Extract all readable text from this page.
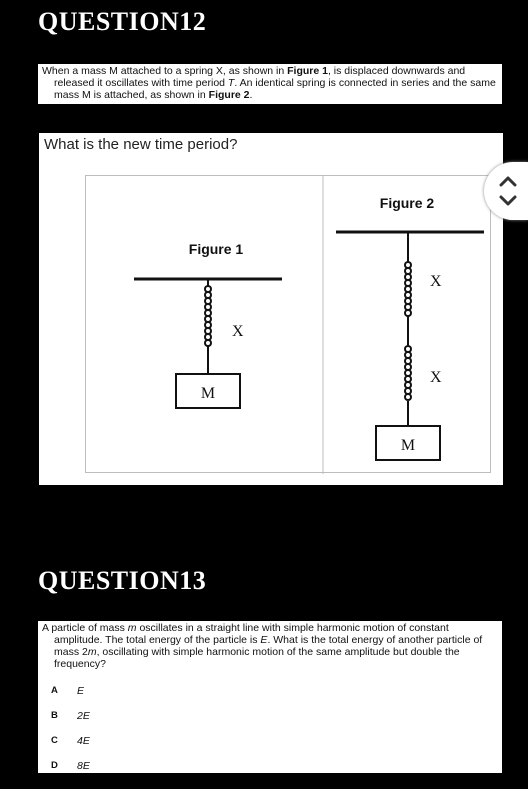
QUESTION12
When a mass M attached to a spring X, as shown in Figure 1, is displaced downwards and released it oscillates with time period T. An identical spring is connected in series and the same mass M is attached, as shown in Figure 2.
What is the new time period?
Figure 1
X
M
Figure 2
X
X
M
QUESTION13
A particle of mass m oscillates in a straight line with simple harmonic motion of constant amplitude. The total energy of the particle is E. What is the total energy of another particle of mass 2m, oscillating with simple harmonic motion of the same amplitude but double the frequency?
A E
B 2E
C 4E
D 8E
